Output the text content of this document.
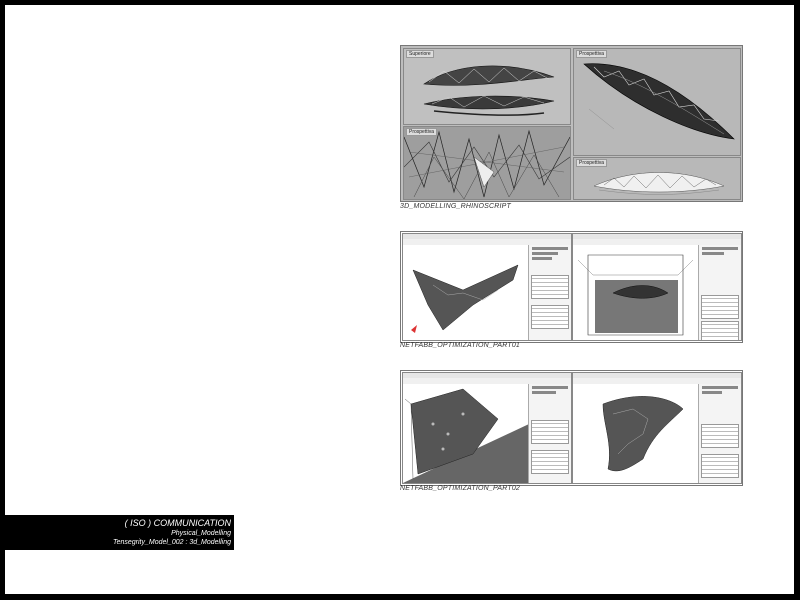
Superiore	Prospettiva
Prospettiva
Prospettiva
3D_MODELLING_RHINOSCRIPT
NETFABB_OPTIMIZATION_PART01
NETFABB_OPTIMIZATION_PART02
( ISO ) COMMUNICATION
Physical_Modelling
Tensegrity_Model_002 : 3d_Modelling
